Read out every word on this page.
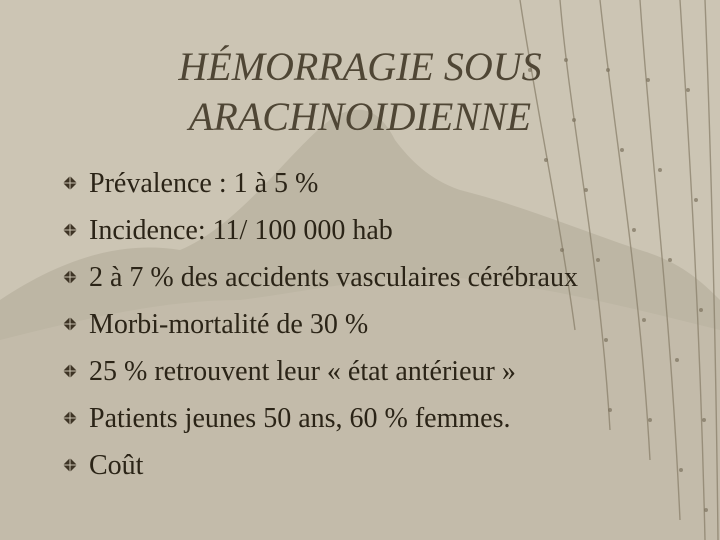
HÉMORRAGIE SOUS
ARACHNOIDIENNE
Prévalence : 1 à 5 %
Incidence: 11/ 100 000 hab
2 à 7 % des accidents vasculaires cérébraux
Morbi-mortalité de 30 %
25 % retrouvent leur « état antérieur »
Patients jeunes 50 ans, 60 % femmes.
Coût
